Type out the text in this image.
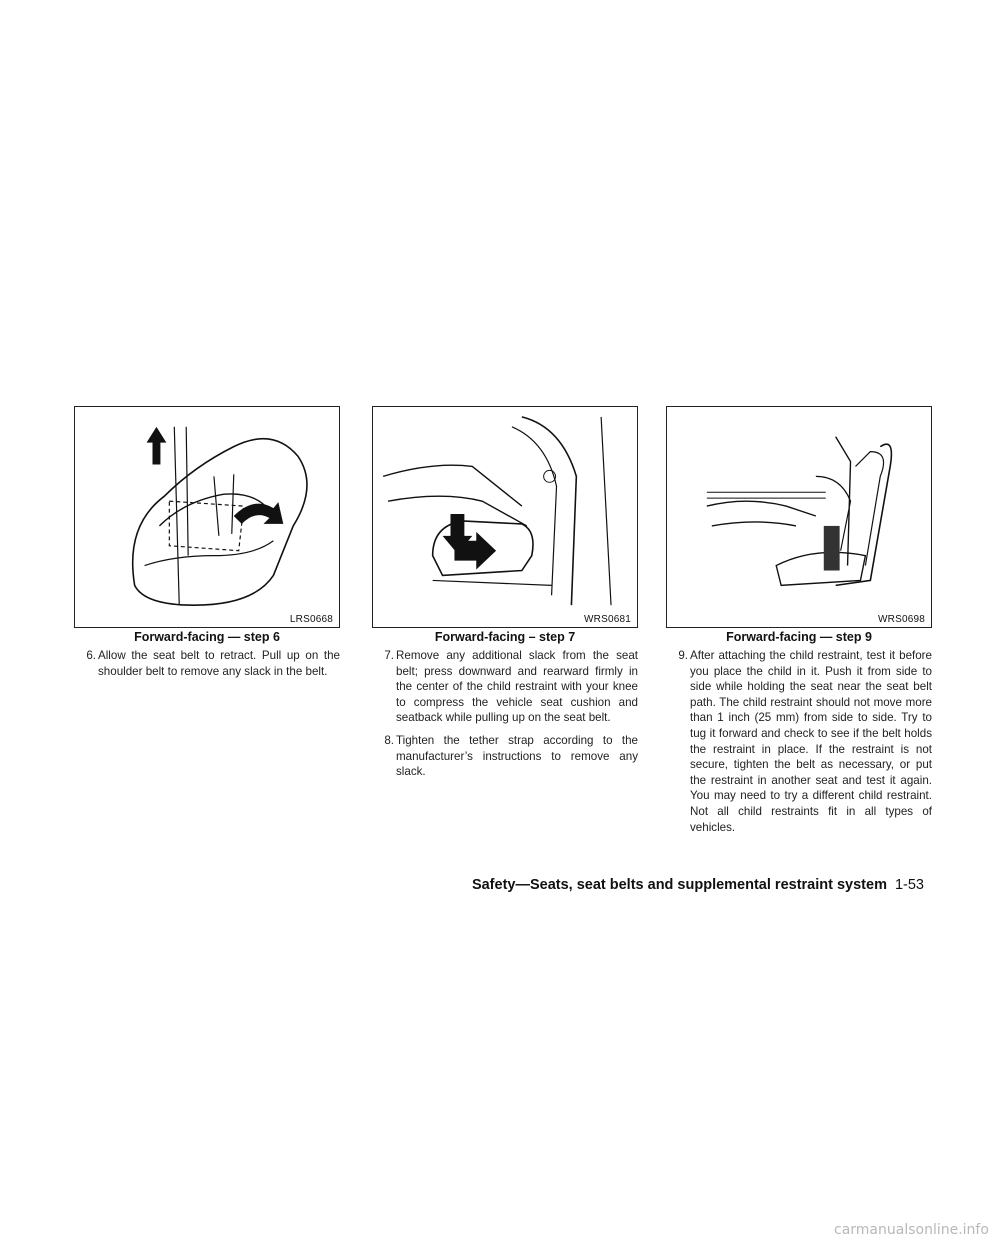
LRS0668	WRS0681	WRS0698
Forward-facing — step 6	Forward-facing – step 7	Forward-facing — step 9
6. Allow the seat belt to retract. Pull up on the shoulder belt to remove any slack in the belt.
7. Remove any additional slack from the seat belt; press downward and rearward firmly in the center of the child restraint with your knee to compress the vehicle seat cushion and seatback while pulling up on the seat belt.
8. Tighten the tether strap according to the manufacturer’s instructions to remove any slack.
9. After attaching the child restraint, test it before you place the child in it. Push it from side to side while holding the seat near the seat belt path. The child restraint should not move more than 1 inch (25 mm) from side to side. Try to tug it forward and check to see if the belt holds the restraint in place. If the restraint is not secure, tighten the belt as necessary, or put the restraint in another seat and test it again. You may need to try a different child restraint. Not all child restraints fit in all types of vehicles.
Safety—Seats, seat belts and supplemental restraint system 1-53
carmanualsonline.info
